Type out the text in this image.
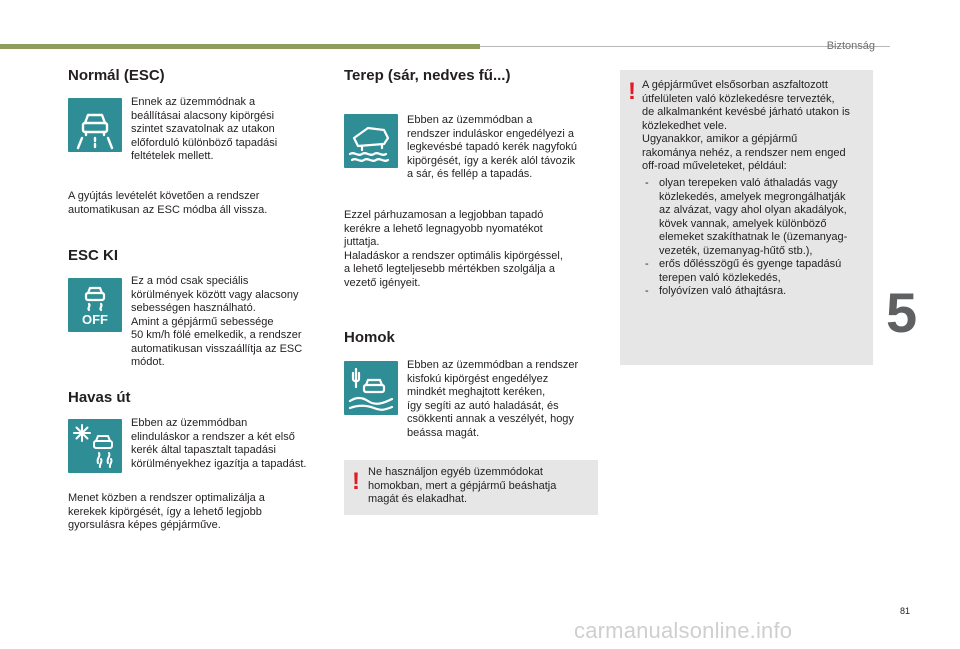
Biztonság
Normál (ESC)
Ennek az üzemmódnak a
beállításai alacsony kipörgési
szintet szavatolnak az utakon
előforduló különböző tapadási
feltételek mellett.
A gyújtás levételét követően a rendszer
automatikusan az ESC módba áll vissza.
ESC KI
OFF
Ez a mód csak speciális
körülmények között vagy alacsony
sebességen használható.
Amint a gépjármű sebessége
50 km/h fölé emelkedik, a rendszer
automatikusan visszaállítja az ESC
módot.
Havas út
Ebben az üzemmódban
elinduláskor a rendszer a két első
kerék által tapasztalt tapadási
körülményekhez igazítja a tapadást.
Menet közben a rendszer optimalizálja a
kerekek kipörgését, így a lehető legjobb
gyorsulásra képes gépjárműve.
Terep (sár, nedves fű...)
Ebben az üzemmódban a
rendszer induláskor engedélyezi a
legkevésbé tapadó kerék nagyfokú
kipörgését, így a kerék alól távozik
a sár, és fellép a tapadás.
Ezzel párhuzamosan a legjobban tapadó
kerékre a lehető legnagyobb nyomatékot
juttatja.
Haladáskor a rendszer optimális kipörgéssel,
a lehető legteljesebb mértékben szolgálja a
vezető igényeit.
Homok
Ebben az üzemmódban a rendszer
kisfokú kipörgést engedélyez
mindkét meghajtott keréken,
így segíti az autó haladását, és
csökkenti annak a veszélyét, hogy
beássa magát.
! Ne használjon egyéb üzemmódokat
homokban, mert a gépjármű beáshatja
magát és elakadhat.
! A gépjárművet elsősorban aszfaltozott
útfelületen való közlekedésre tervezték,
de alkalmanként kevésbé járható utakon is
közlekedhet vele.
Ugyanakkor, amikor a gépjármű
rakománya nehéz, a rendszer nem enged
off-road műveleteket, például:
- olyan terepeken való áthaladás vagy
közlekedés, amelyek megrongálhatják
az alvázat, vagy ahol olyan akadályok,
kövek vannak, amelyek különböző
elemeket szakíthatnak le (üzemanyag-
vezeték, üzemanyag-hűtő stb.),
- erős dőlésszögű és gyenge tapadású
terepen való közlekedés,
- folyóvízen való áthajtásra.	5
81
carmanualsonline.info
